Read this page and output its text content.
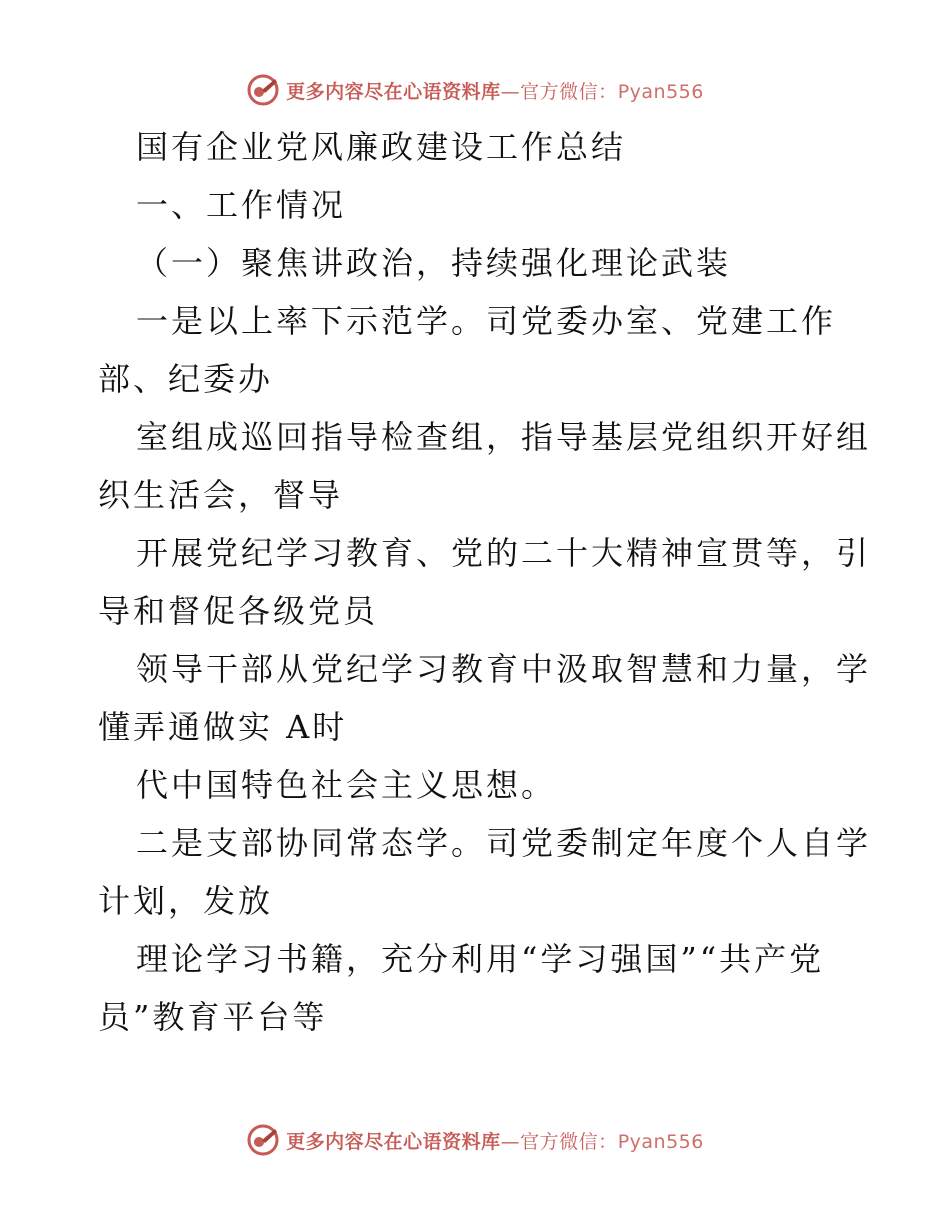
更多内容尽在心语资料库—官方微信：Pyan556
国有企业党风廉政建设工作总结
一、工作情况
（一）聚焦讲政治，持续强化理论武装
一是以上率下示范学。司党委办室、党建工作
部、纪委办
室组成巡回指导检查组，指导基层党组织开好组
织生活会，督导
开展党纪学习教育、党的二十大精神宣贯等，引
导和督促各级党员
领导干部从党纪学习教育中汲取智慧和力量，学
懂弄通做实 A时
代中国特色社会主义思想。
二是支部协同常态学。司党委制定年度个人自学
计划，发放
理论学习书籍，充分利用“学习强国”“共产党
员”教育平台等
更多内容尽在心语资料库—官方微信：Pyan556
